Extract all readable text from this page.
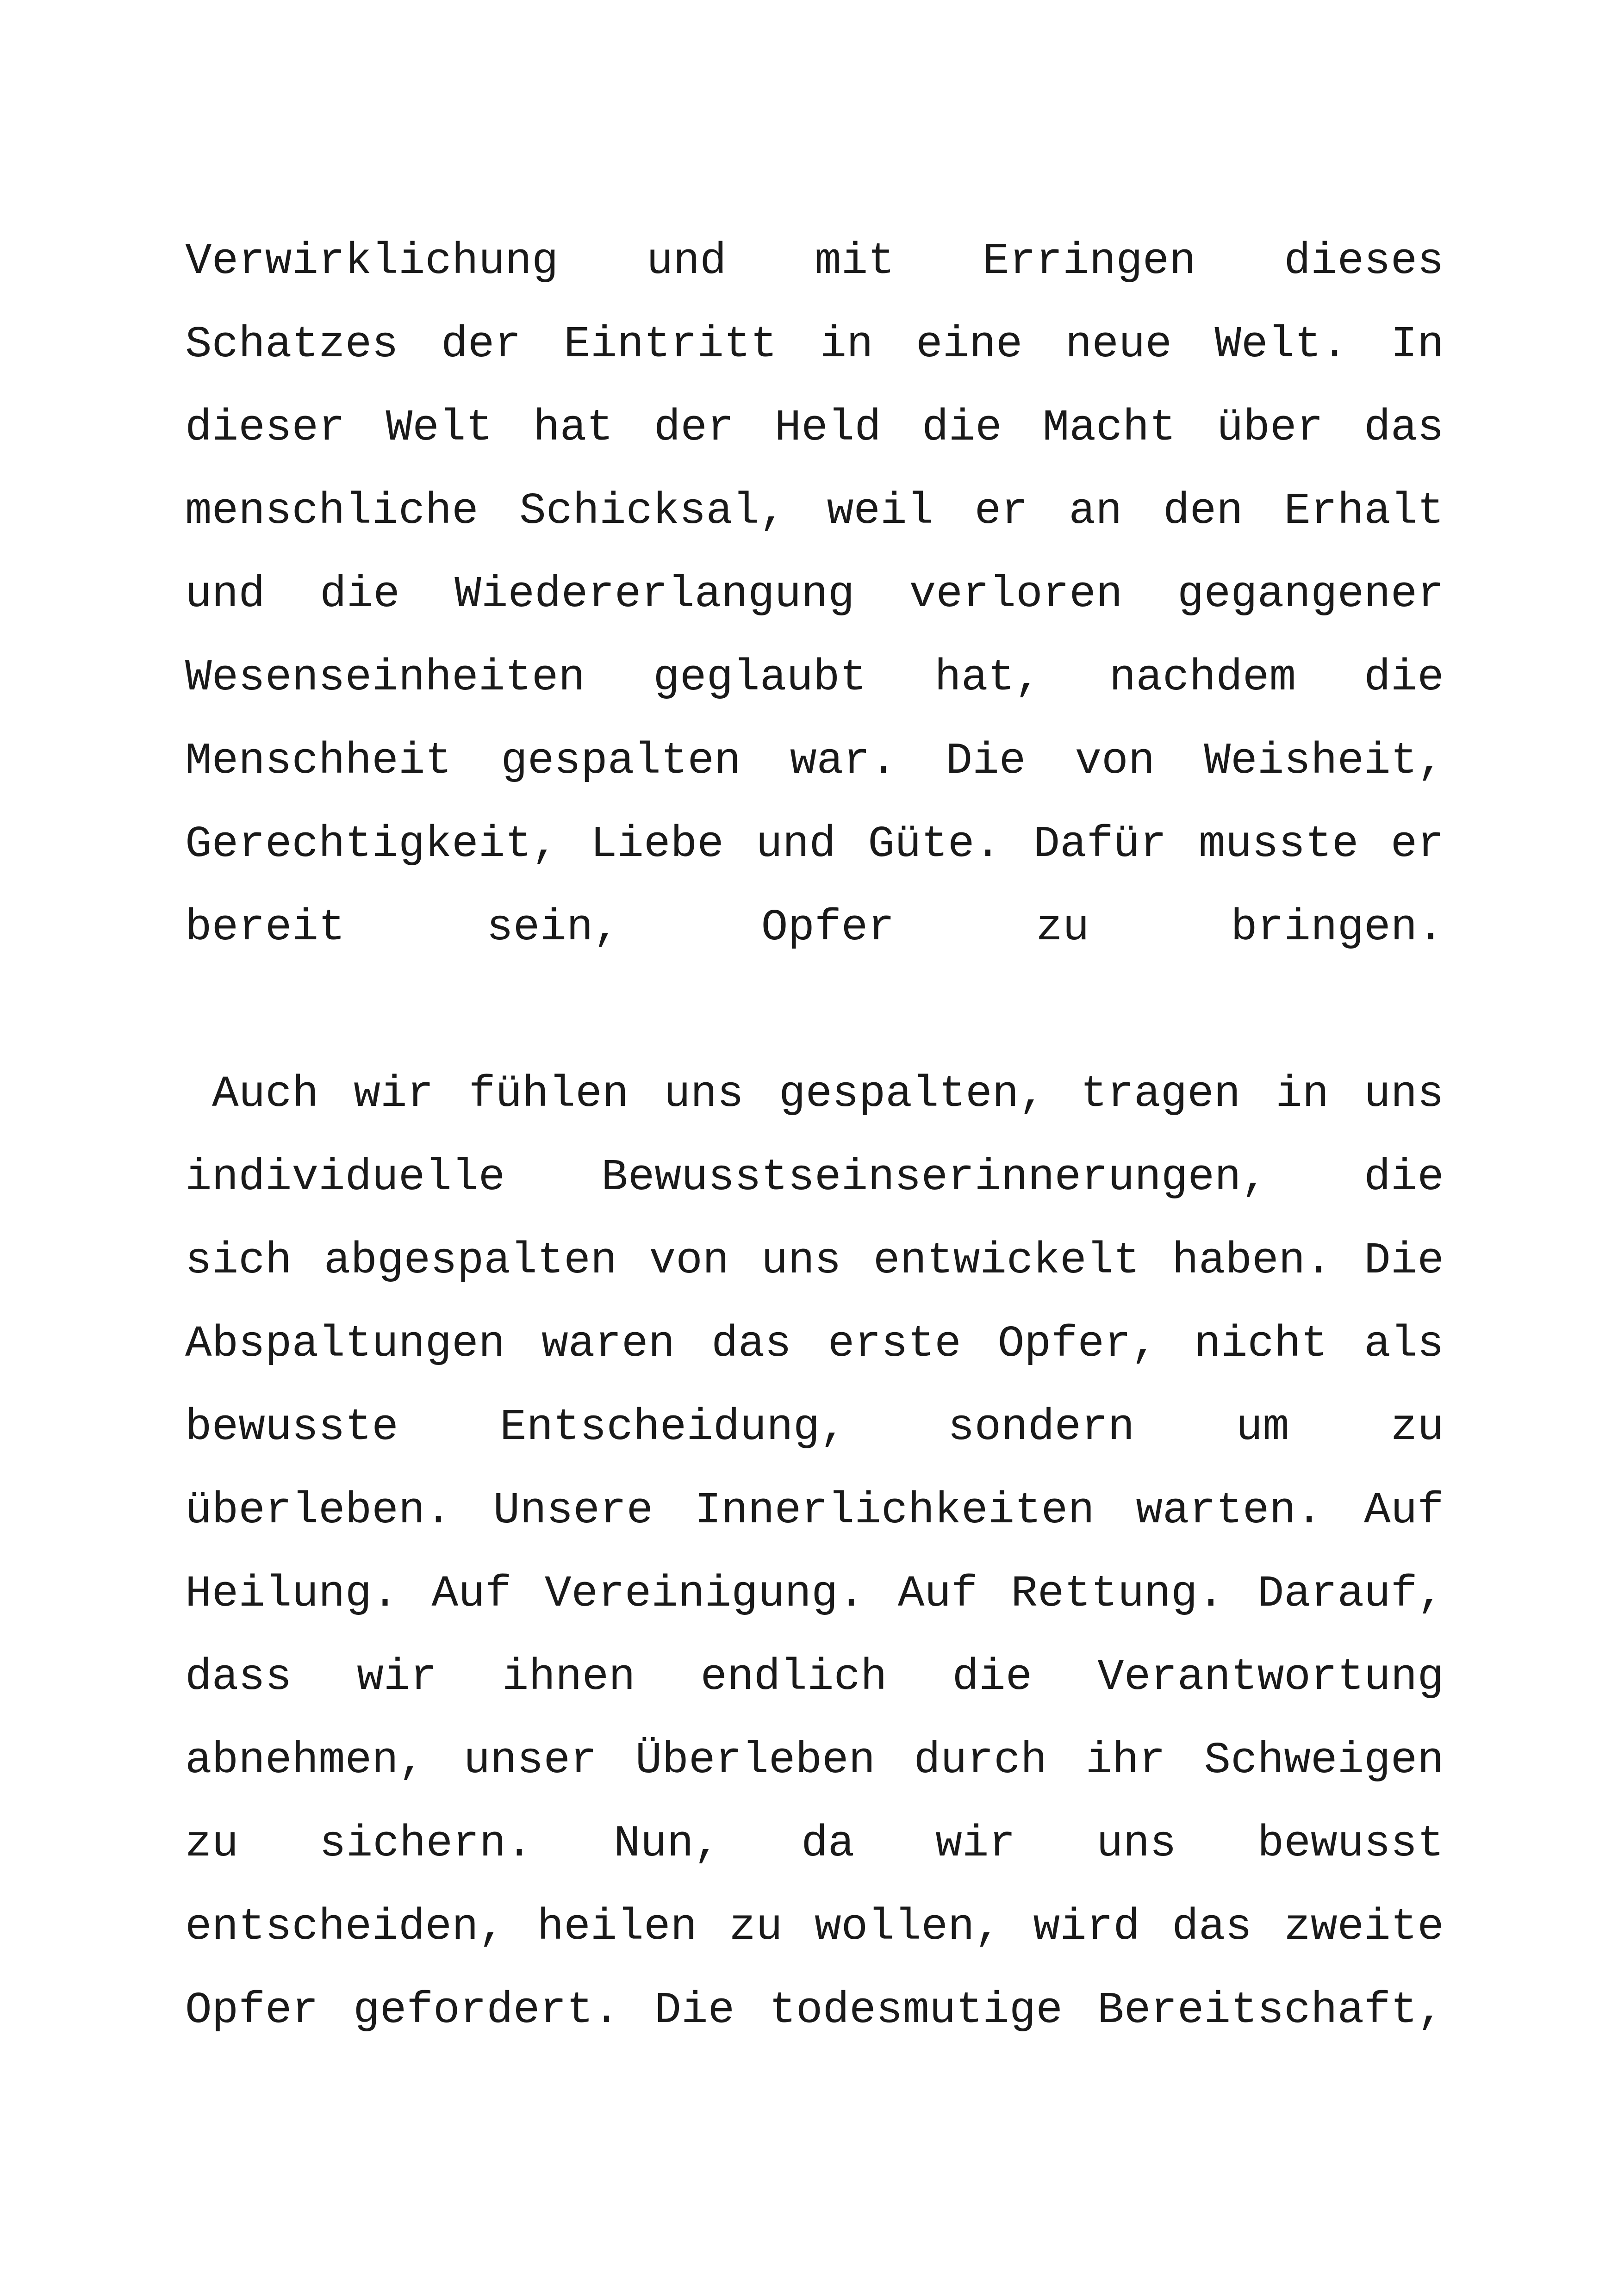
Verwirklichung und mit Erringen dieses
Schatzes der Eintritt in eine neue Welt. In
dieser Welt hat der Held die Macht über das
menschliche Schicksal, weil er an den Erhalt
und die Wiedererlangung verloren gegangener
Wesenseinheiten geglaubt hat, nachdem die
Menschheit gespalten war. Die von Weisheit,
Gerechtigkeit, Liebe und Güte. Dafür musste er
bereit sein, Opfer zu bringen.
Auch wir fühlen uns gespalten, tragen in uns
individuelle Bewusstseinserinnerungen, die
sich abgespalten von uns entwickelt haben. Die
Abspaltungen waren das erste Opfer, nicht als
bewusste Entscheidung, sondern um zu
überleben. Unsere Innerlichkeiten warten. Auf
Heilung. Auf Vereinigung. Auf Rettung. Darauf,
dass wir ihnen endlich die Verantwortung
abnehmen, unser Überleben durch ihr Schweigen
zu sichern. Nun, da wir uns bewusst
entscheiden, heilen zu wollen, wird das zweite
Opfer gefordert. Die todesmutige Bereitschaft,
